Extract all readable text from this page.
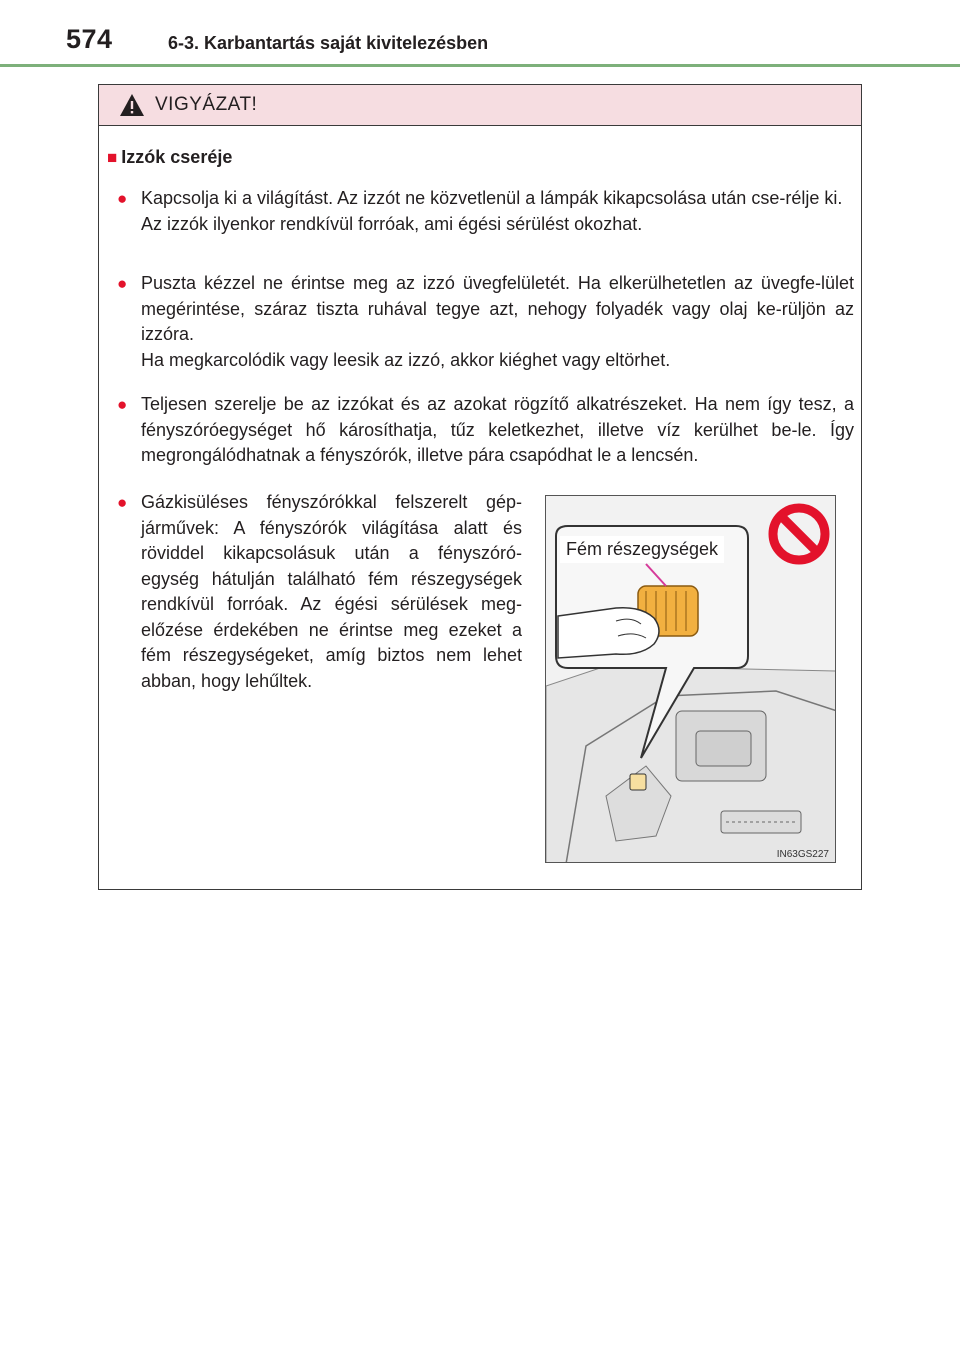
574	6-3. Karbantartás saját kivitelezésben
VIGYÁZAT!
■ Izzók cseréje
● Kapcsolja ki a világítást. Az izzót ne közvetlenül a lámpák kikapcsolása után cse-rélje ki.

Az izzók ilyenkor rendkívül forróak, ami égési sérülést okozhat.

● Puszta kézzel ne érintse meg az izzó üvegfelületét. Ha elkerülhetetlen az üvegfe-lület megérintése, száraz tiszta ruhával tegye azt, nehogy folyadék vagy olaj ke-rüljön az izzóra.

Ha megkarcolódik vagy leesik az izzó, akkor kiéghet vagy eltörhet.

● Teljesen szerelje be az izzókat és az azokat rögzítő alkatrészeket. Ha nem így tesz, a fényszóróegységet hő károsíthatja, tűz keletkezhet, illetve víz kerülhet be-le. Így megrongálódhatnak a fényszórók, illetve pára csapódhat le a lencsén.

● Gázkisüléses fényszórókkal felszerelt gép-járművek: A fényszórók világítása alatt és röviddel kikapcsolásuk után a fényszóró-egység hátulján található fém részegységek rendkívül forróak. Az égési sérülések meg-előzése érdekében ne érintse meg ezeket a fém részegységeket, amíg biztos nem lehet abban, hogy lehűltek.

Fém részegységek
IN63GS227
